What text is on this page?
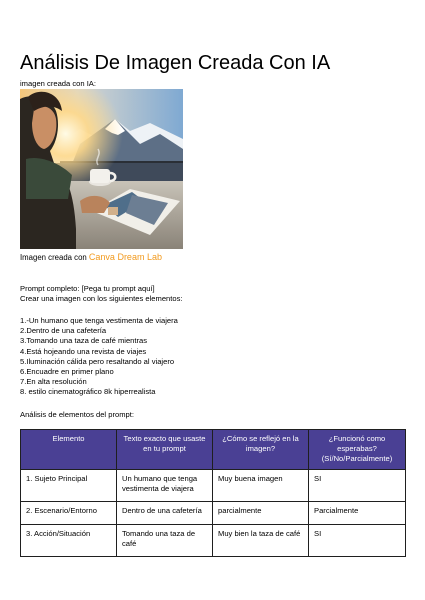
Análisis De Imagen Creada Con IA
imagen creada con IA:
Imagen creada con Canva Dream Lab
Prompt completo: [Pega tu prompt aquí]
Crear una imagen con los siguientes elementos:
1.-Un humano que tenga vestimenta de viajera
2.Dentro de una cafetería
3.Tomando una taza de café mientras
4.Está hojeando una revista de viajes
5.Iluminación cálida pero resaltando al viajero
6.Encuadre en primer plano
7.En alta resolución
8. estilo cinematográfico 8k hiperrealista
Análisis de elementos del prompt:
Elemento	Texto exacto que usaste en tu prompt	¿Cómo se reflejó en la imagen?	¿Funcionó como esperabas? (Sí/No/Parcialmente)
1. Sujeto Principal	Un humano que tenga vestimenta de viajera	Muy buena imagen	SI
2. Escenario/Entorno	Dentro de una cafetería	parcialmente	Parcialmente
3. Acción/Situación	Tomando una taza de café	Muy bien la taza de café	SI
